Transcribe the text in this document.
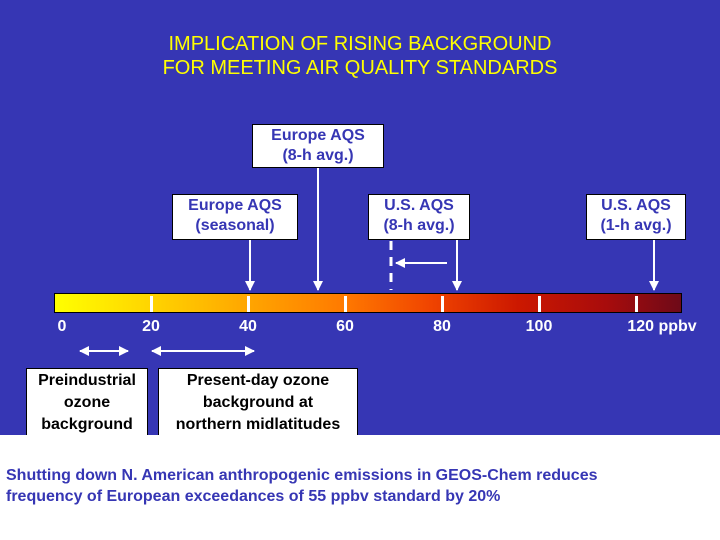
IMPLICATION OF RISING BACKGROUND
FOR MEETING AIR QUALITY STANDARDS
Europe AQS
(8-h avg.)
Europe AQS
(seasonal)
U.S. AQS
(8-h avg.)
U.S. AQS
(1-h avg.)
0	20	40	60	80	100	120 ppbv
Preindustrial
ozone
background
Present-day ozone
background at
northern midlatitudes
Shutting down N. American anthropogenic emissions in GEOS-Chem reduces
frequency of European exceedances of 55 ppbv standard by 20%
